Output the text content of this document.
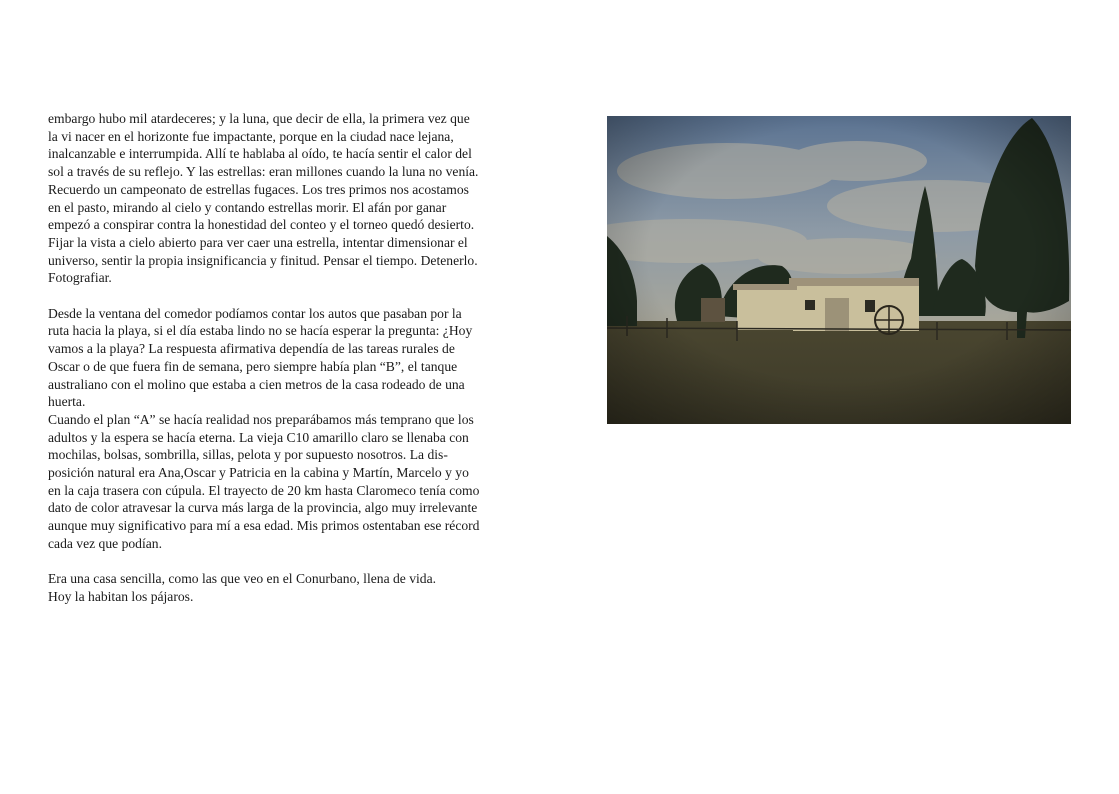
embargo hubo mil atardeceres; y la luna, que decir de ella, la primera vez que
la vi nacer en el horizonte fue impactante, porque en la ciudad nace lejana,
inalcanzable e interrumpida. Allí te hablaba al oído, te hacía sentir el calor del
sol a través de su reflejo. Y las estrellas: eran millones cuando la luna no venía.
Recuerdo un campeonato de estrellas fugaces. Los tres primos nos acostamos
en el pasto, mirando al cielo y contando estrellas morir. El afán por ganar
empezó a conspirar contra la honestidad del conteo y el torneo quedó desierto.
Fijar la vista a cielo abierto para ver caer una estrella, intentar dimensionar el
universo, sentir la propia insignificancia y finitud. Pensar el tiempo. Detenerlo.
Fotografiar.

Desde la ventana del comedor podíamos contar los autos que pasaban por la
ruta hacia la playa, si el día estaba lindo no se hacía esperar la pregunta: ¿Hoy
vamos a la playa? La respuesta afirmativa dependía de las tareas rurales de
Oscar o de que fuera fin de semana, pero siempre había plan “B”, el tanque
australiano con el molino que estaba a cien metros de la casa rodeado de una
huerta.
Cuando el plan “A” se hacía realidad nos preparábamos más temprano que los
adultos y la espera se hacía eterna. La vieja C10 amarillo claro se llenaba con
mochilas, bolsas, sombrilla, sillas, pelota y por supuesto nosotros. La dis-
posición natural era Ana,Oscar y Patricia en la cabina y Martín, Marcelo y yo
en la caja trasera con cúpula. El trayecto de 20 km hasta Claromeco tenía como
dato de color atravesar la curva más larga de la provincia, algo muy irrelevante
aunque muy significativo para mí a esa edad. Mis primos ostentaban ese récord
cada vez que podían.

Era una casa sencilla, como las que veo en el Conurbano, llena de vida.
Hoy la habitan los pájaros.
